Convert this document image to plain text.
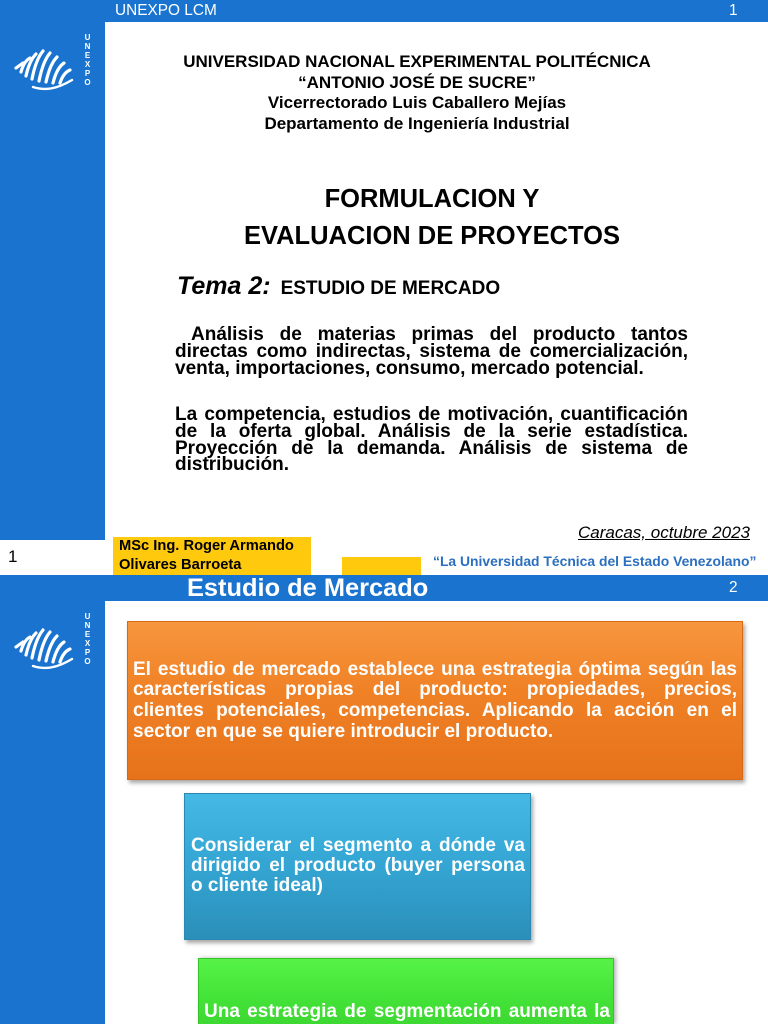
UNEXPO LCM	1
UNEXPO	UNIVERSIDAD NACIONAL EXPERIMENTAL POLITÉCNICA
“ANTONIO JOSÉ DE SUCRE”
Vicerrectorado Luis Caballero Mejías
Departamento de Ingeniería Industrial
FORMULACION Y
EVALUACION DE PROYECTOS
Tema 2: ESTUDIO DE MERCADO
Análisis de materias primas del producto tantos
directas como indirectas, sistema de comercialización,
venta, importaciones, consumo, mercado potencial.
La competencia, estudios de motivación, cuantificación
de la oferta global. Análisis de la serie estadística.
Proyección de la demanda. Análisis de sistema de
distribución.
Caracas, octubre 2023
MSc Ing. Roger Armando
Olivares Barroeta	“La Universidad Técnica del Estado Venezolano”
1
Estudio de Mercado	2
UNEXPO
El estudio de mercado establece una estrategia óptima según las
características propias del producto: propiedades, precios,
clientes potenciales, competencias. Aplicando la acción en el
sector en que se quiere introducir el producto.
Considerar el segmento a dónde va
dirigido el producto (buyer persona
o cliente ideal)
Una estrategia de segmentación aumenta la
